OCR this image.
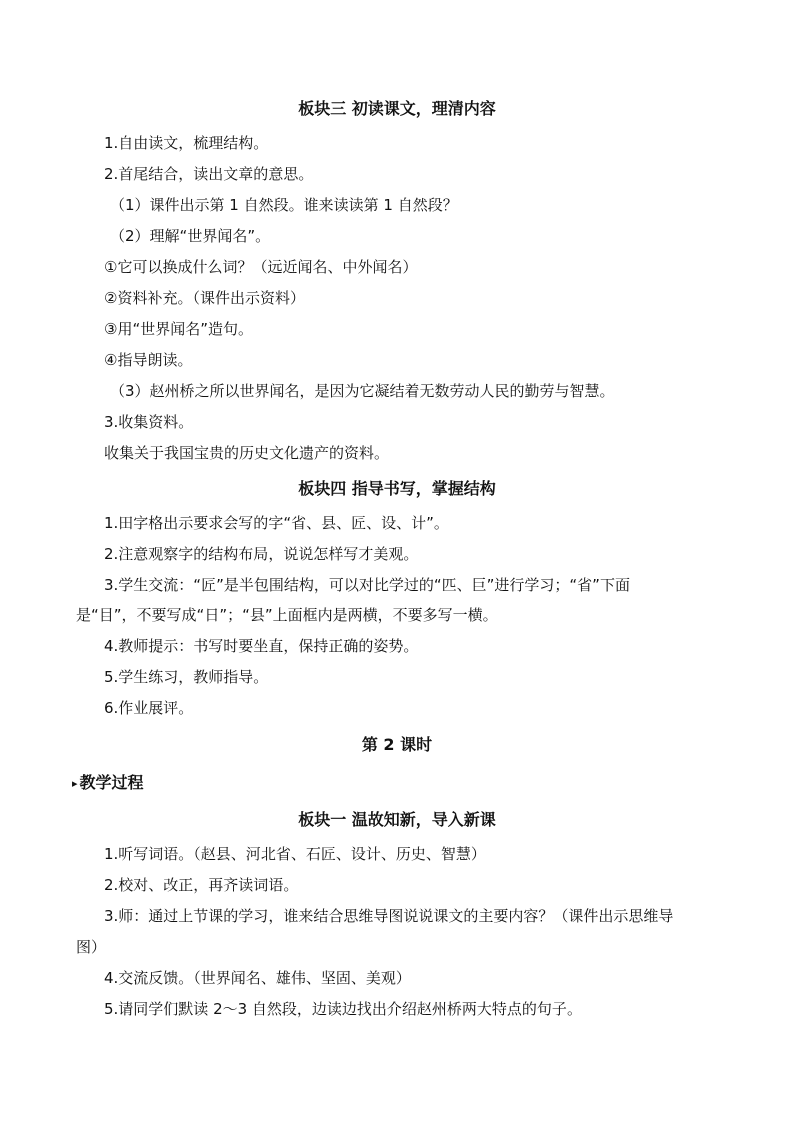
板块三 初读课文，理清内容
1.自由读文，梳理结构。
2.首尾结合，读出文章的意思。
（1）课件出示第 1 自然段。谁来读读第 1 自然段？
（2）理解“世界闻名”。
①它可以换成什么词？（远近闻名、中外闻名）
②资料补充。（课件出示资料）
③用“世界闻名”造句。
④指导朗读。
（3）赵州桥之所以世界闻名，是因为它凝结着无数劳动人民的勤劳与智慧。
3.收集资料。
收集关于我国宝贵的历史文化遗产的资料。
板块四 指导书写，掌握结构
1.田字格出示要求会写的字“省、县、匠、设、计”。
2.注意观察字的结构布局，说说怎样写才美观。
3.学生交流：“匠”是半包围结构，可以对比学过的“匹、巨”进行学习；“省”下面
是“目”，不要写成“日”；“县”上面框内是两横，不要多写一横。
4.教师提示：书写时要坐直，保持正确的姿势。
5.学生练习，教师指导。
6.作业展评。
第 2 课时
▸ 教学过程
板块一 温故知新，导入新课
1.听写词语。（赵县、河北省、石匠、设计、历史、智慧）
2.校对、改正，再齐读词语。
3.师：通过上节课的学习，谁来结合思维导图说说课文的主要内容？（课件出示思维导
图）
4.交流反馈。（世界闻名、雄伟、坚固、美观）
5.请同学们默读 2～3 自然段，边读边找出介绍赵州桥两大特点的句子。
